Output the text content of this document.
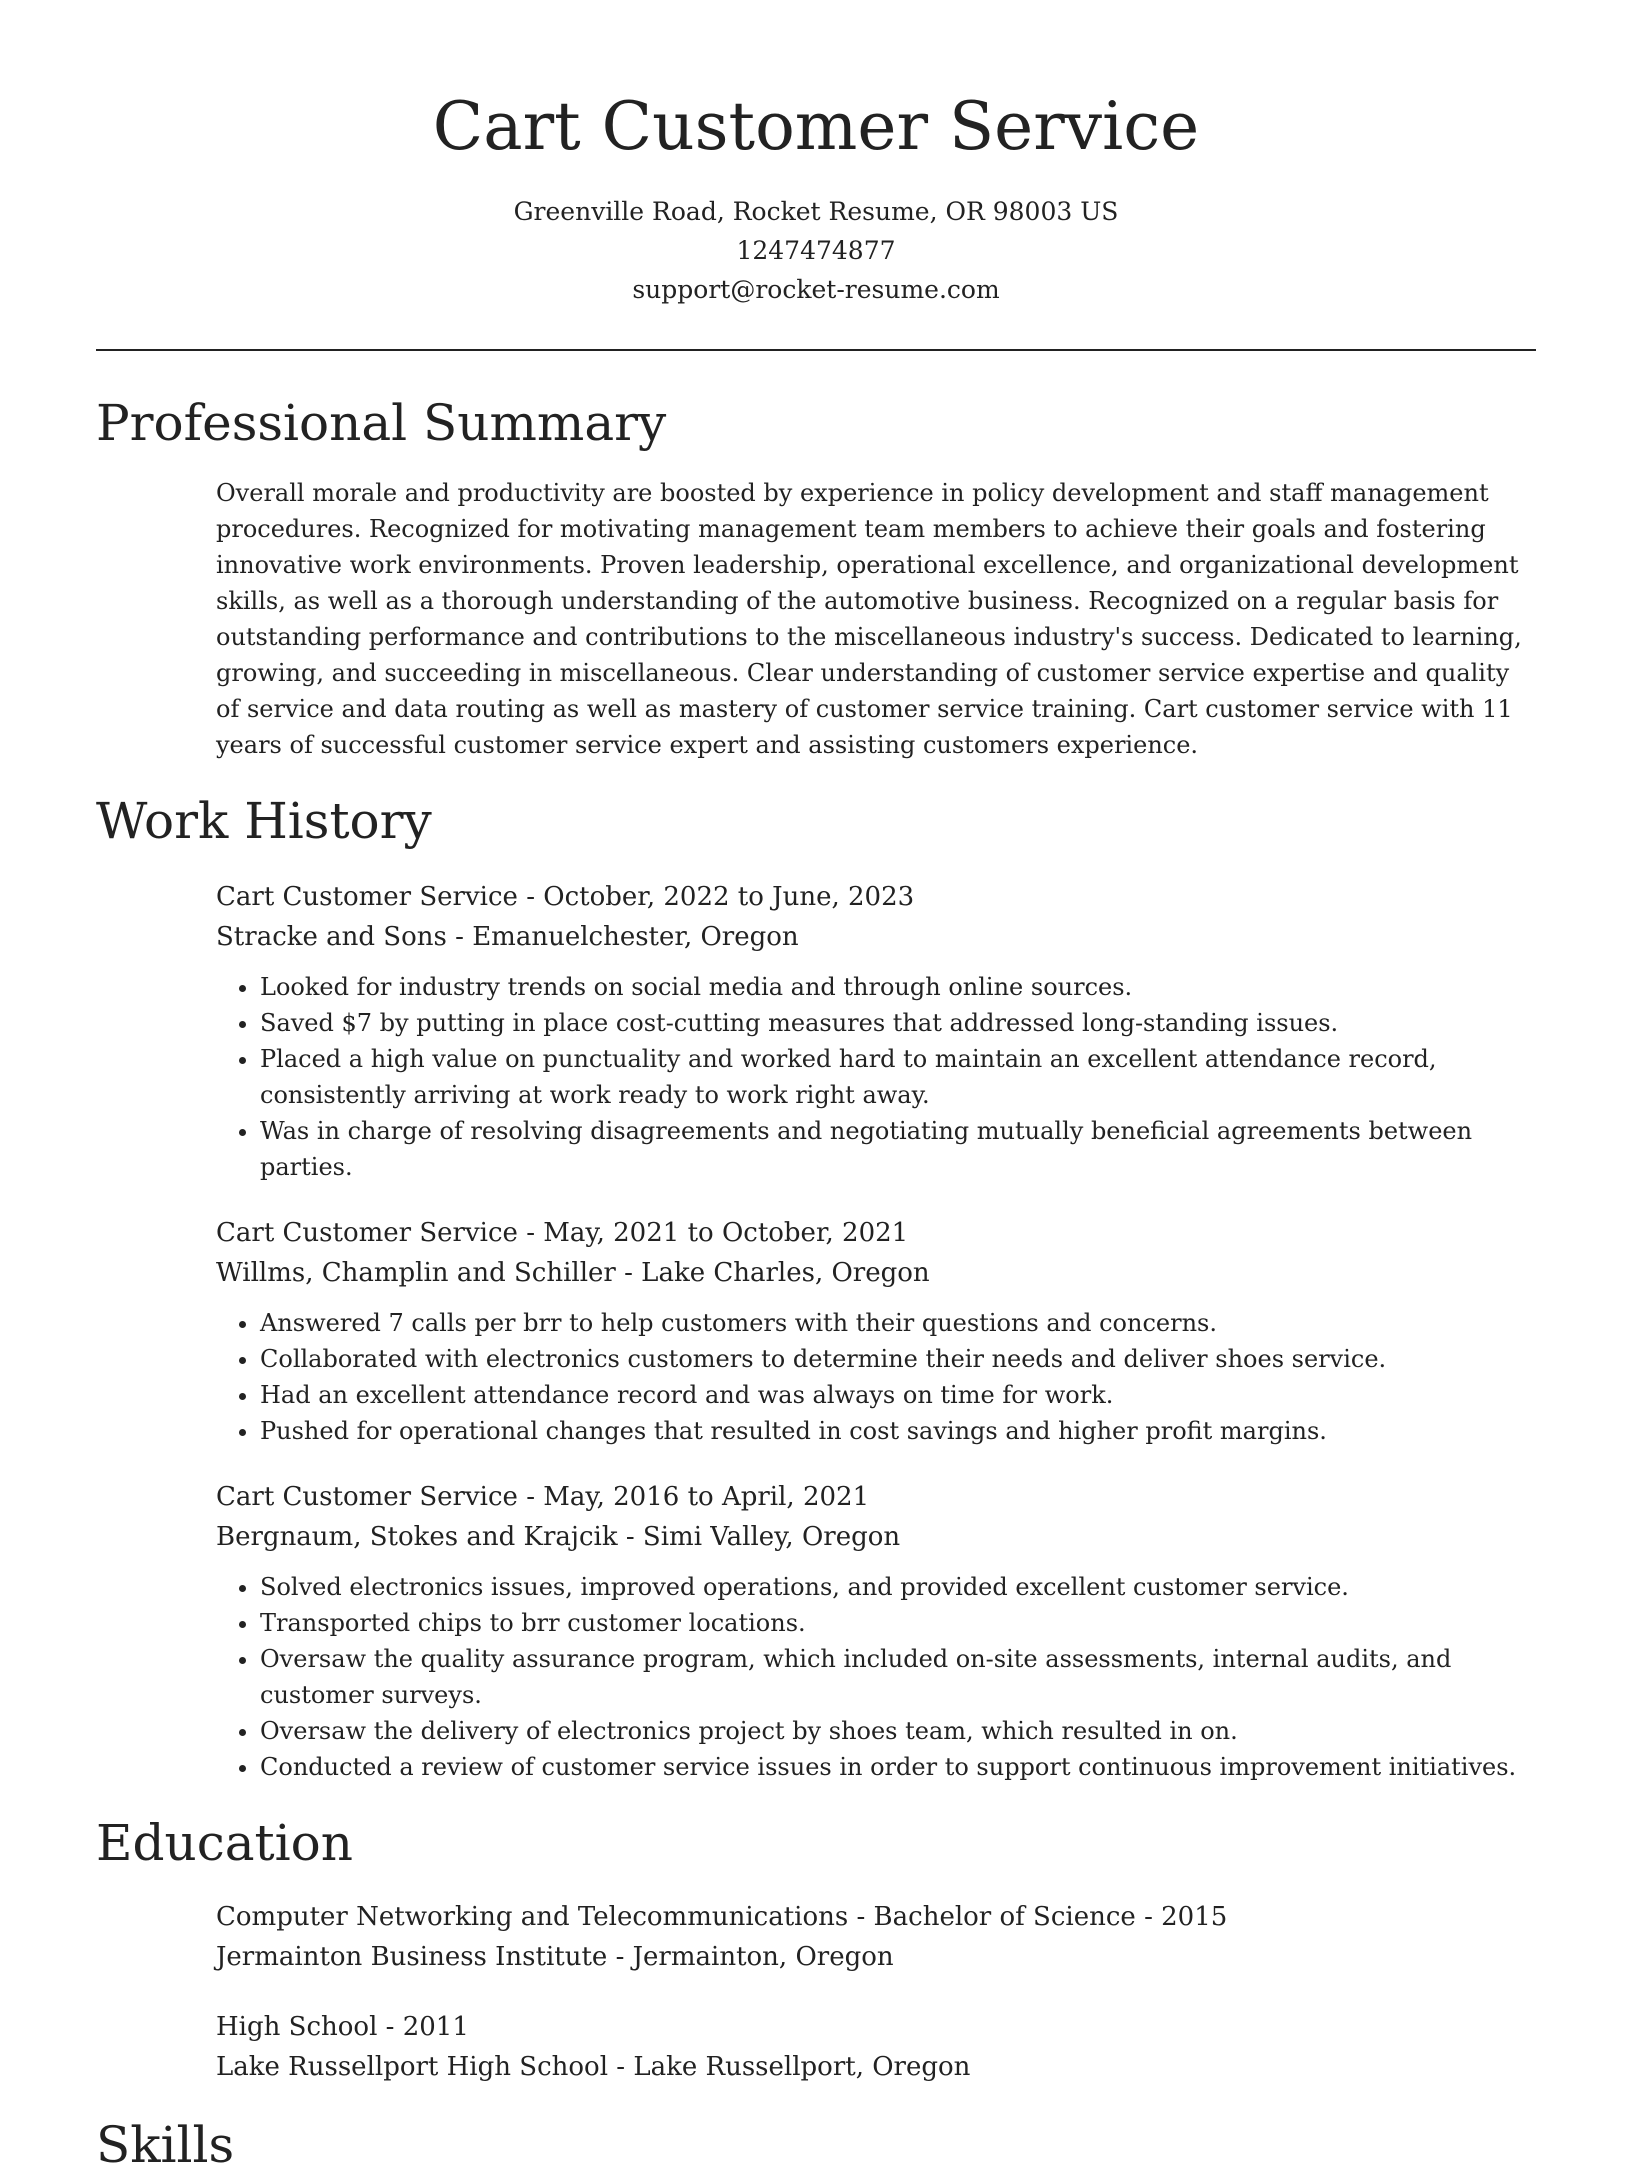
Cart Customer Service
Greenville Road, Rocket Resume, OR 98003 US
1247474877
support@rocket-resume.com
Professional Summary

Overall morale and productivity are boosted by experience in policy development and staff management procedures. Recognized for motivating management team members to achieve their goals and fostering innovative work environments. Proven leadership, operational excellence, and organizational development skills, as well as a thorough understanding of the automotive business. Recognized on a regular basis for outstanding performance and contributions to the miscellaneous industry's success. Dedicated to learning, growing, and succeeding in miscellaneous. Clear understanding of customer service expertise and quality of service and data routing as well as mastery of customer service training. Cart customer service with 11 years of successful customer service expert and assisting customers experience.

Work History
Cart Customer Service - October, 2022 to June, 2023
Stracke and Sons - Emanuelchester, Oregon
• Looked for industry trends on social media and through online sources.
• Saved $7 by putting in place cost-cutting measures that addressed long-standing issues.
• Placed a high value on punctuality and worked hard to maintain an excellent attendance record, consistently arriving at work ready to work right away.
• Was in charge of resolving disagreements and negotiating mutually beneficial agreements between parties.
Cart Customer Service - May, 2021 to October, 2021
Willms, Champlin and Schiller - Lake Charles, Oregon
• Answered 7 calls per brr to help customers with their questions and concerns.
• Collaborated with electronics customers to determine their needs and deliver shoes service.
• Had an excellent attendance record and was always on time for work.
• Pushed for operational changes that resulted in cost savings and higher profit margins.
Cart Customer Service - May, 2016 to April, 2021
Bergnaum, Stokes and Krajcik - Simi Valley, Oregon
• Solved electronics issues, improved operations, and provided excellent customer service.
• Transported chips to brr customer locations.
• Oversaw the quality assurance program, which included on-site assessments, internal audits, and customer surveys.
• Oversaw the delivery of electronics project by shoes team, which resulted in on.
• Conducted a review of customer service issues in order to support continuous improvement initiatives.
Education
Computer Networking and Telecommunications - Bachelor of Science - 2015
Jermainton Business Institute - Jermainton, Oregon
High School - 2011
Lake Russellport High School - Lake Russellport, Oregon
Skills
